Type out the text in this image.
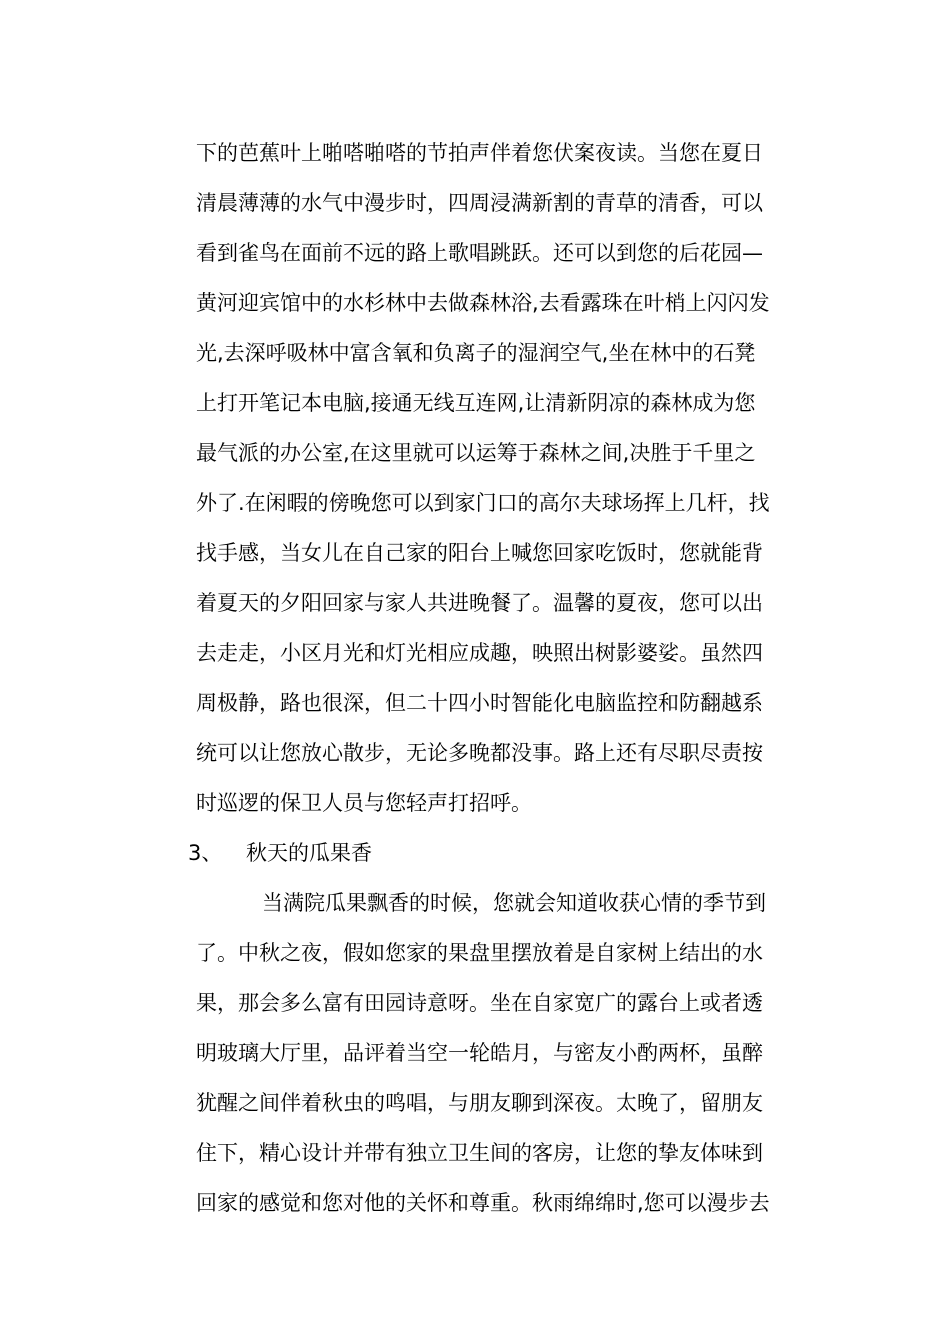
下的芭蕉叶上啪嗒啪嗒的节拍声伴着您伏案夜读。当您在夏日
清晨薄薄的水气中漫步时，四周浸满新割的青草的清香，可以
看到雀鸟在面前不远的路上歌唱跳跃。还可以到您的后花园—
黄河迎宾馆中的水杉林中去做森林浴,去看露珠在叶梢上闪闪发
光,去深呼吸林中富含氧和负离子的湿润空气,坐在林中的石凳
上打开笔记本电脑,接通无线互连网,让清新阴凉的森林成为您
最气派的办公室,在这里就可以运筹于森林之间,决胜于千里之
外了.在闲暇的傍晚您可以到家门口的高尔夫球场挥上几杆，找
找手感，当女儿在自己家的阳台上喊您回家吃饭时，您就能背
着夏天的夕阳回家与家人共进晚餐了。温馨的夏夜，您可以出
去走走，小区月光和灯光相应成趣，映照出树影婆娑。虽然四
周极静，路也很深，但二十四小时智能化电脑监控和防翻越系
统可以让您放心散步，无论多晚都没事。路上还有尽职尽责按
时巡逻的保卫人员与您轻声打招呼。
3、 秋天的瓜果香
当满院瓜果飘香的时候，您就会知道收获心情的季节到
了。中秋之夜，假如您家的果盘里摆放着是自家树上结出的水
果，那会多么富有田园诗意呀。坐在自家宽广的露台上或者透
明玻璃大厅里，品评着当空一轮皓月，与密友小酌两杯，虽醉
犹醒之间伴着秋虫的鸣唱，与朋友聊到深夜。太晚了，留朋友
住下，精心设计并带有独立卫生间的客房，让您的挚友体味到
回家的感觉和您对他的关怀和尊重。秋雨绵绵时,您可以漫步去
